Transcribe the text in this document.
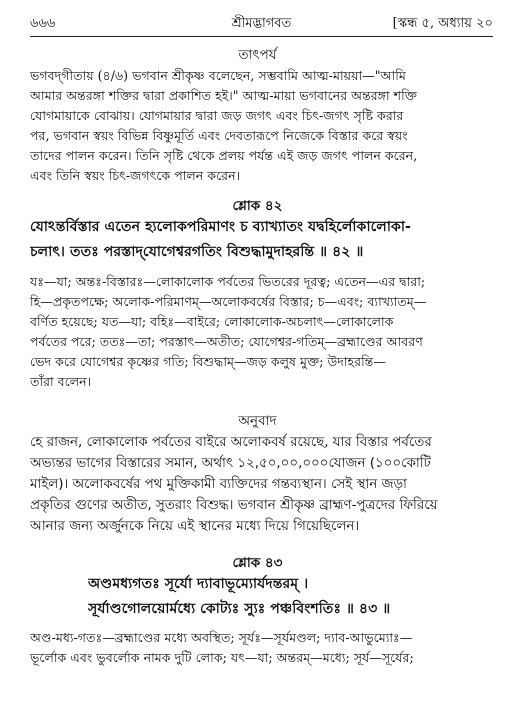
৬৬৬	শ্রীমদ্ভাগবত	[স্কন্ধ ৫, অধ্যায় ২০
তাৎপর্য
ভগবদ্‌গীতায় (৪/৬) ভগবান শ্রীকৃষ্ণ বলেছেন, সম্ভবামি আত্ম-মায়য়া—"আমি
আমার অন্তরঙ্গা শক্তির দ্বারা প্রকাশিত হই।" আত্ম-মায়া ভগবানের অন্তরঙ্গা শক্তি
যোগমায়াকে বোঝায়। যোগমায়ার দ্বারা জড় জগৎ এবং চিৎ-জগৎ সৃষ্টি করার
পর, ভগবান স্বয়ং বিভিন্ন বিষ্ণুমূর্তি এবং দেবতারূপে নিজেকে বিস্তার করে স্বয়ং
তাদের পালন করেন। তিনি সৃষ্টি থেকে প্রলয় পর্যন্ত এই জড় জগৎ পালন করেন,
এবং তিনি স্বয়ং চিৎ-জগৎকে পালন করেন।
শ্লোক ৪২
যোঽন্তর্বিস্তার এতেন হ্যলোকপরিমাণং চ ব্যাখ্যাতং যদ্বহির্লোকালোকা-
চলাৎ। ততঃ পরস্তাদ্‌যোগেশ্বরগতিং বিশুদ্ধামুদাহরন্তি ॥ ৪২ ॥
যঃ—যা; অন্তঃ-বিস্তারঃ—লোকালোক পর্বতের ভিতরের দূরত্ব; এতেন—এর দ্বারা;
হি—প্রকৃতপক্ষে; অলোক-পরিমাণম্‌—অলোকবর্ষের বিস্তার; চ—এবং; ব্যাখ্যাতম্‌—
বর্ণিত হয়েছে; যত—যা; বহিঃ—বাইরে; লোকালোক-অচলাৎ—লোকালোক
পর্বতের পরে; ততঃ—তা; পরস্তাৎ—অতীত; যোগেশ্বর-গতিম্‌—ব্রহ্মাণ্ডের আবরণ
ভেদ করে যোগেশ্বর কৃষ্ণের গতি; বিশুদ্ধাম্‌—জড় কলুষ মুক্ত; উদাহরন্তি—
তাঁরা বলেন।
অনুবাদ
হে রাজন, লোকালোক পর্বতের বাইরে অলোকবর্ষ রয়েছে, যার বিস্তার পর্বতের
অভ্যন্তর ভাগের বিস্তারের সমান, অর্থাৎ ১২,৫০,০০,০০০যোজন (১০০কোটি
মাইল)। অলোকবর্ষের পথ মুক্তিকামী ব্যক্তিদের গন্তব্যস্থান। সেই স্থান জড়া
প্রকৃতির গুণের অতীত, সুতরাং বিশুদ্ধ। ভগবান শ্রীকৃষ্ণ ব্রাহ্মণ-পুত্রদের ফিরিয়ে
আনার জন্য অর্জুনকে নিয়ে এই স্থানের মধ্যে দিয়ে গিয়েছিলেন।
শ্লোক ৪৩
অণ্ডমধ্যগতঃ সূর্যো দ্যাবাভূম্যোর্যদন্তরম্‌ ।
সূর্যাণ্ডগোলয়োর্মধ্যে কোট্যঃ স্যুঃ পঞ্চবিংশতিঃ ॥ ৪৩ ॥
অণ্ড-মধ্য-গতঃ—ব্রহ্মাণ্ডের মধ্যে অবস্থিত; সূর্যঃ—সূর্যমণ্ডল; দ্যাব-আভুম্যোঃ—
ভূর্লোক এবং ভুবর্লোক নামক দুটি লোক; যৎ—যা; অন্তরম্‌—মধ্যে; সূর্য—সূর্যের;
